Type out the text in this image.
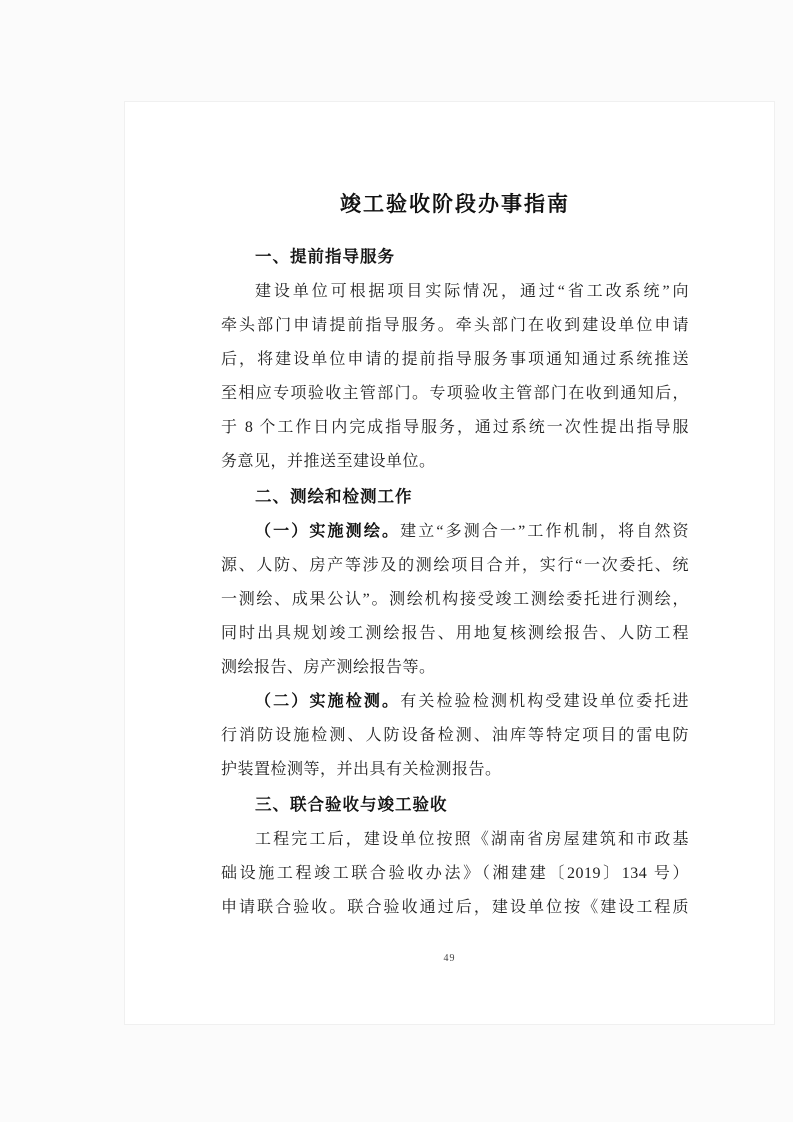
竣工验收阶段办事指南
一、提前指导服务

建设单位可根据项目实际情况，通过“省工改系统”向
牵头部门申请提前指导服务。牵头部门在收到建设单位申请
后，将建设单位申请的提前指导服务事项通知通过系统推送
至相应专项验收主管部门。专项验收主管部门在收到通知后，
于 8 个工作日内完成指导服务，通过系统一次性提出指导服
务意见，并推送至建设单位。

二、测绘和检测工作

（一）实施测绘。建立“多测合一”工作机制，将自然资
源、人防、房产等涉及的测绘项目合并，实行“一次委托、统
一测绘、成果公认”。测绘机构接受竣工测绘委托进行测绘，
同时出具规划竣工测绘报告、用地复核测绘报告、人防工程
测绘报告、房产测绘报告等。

（二）实施检测。有关检验检测机构受建设单位委托进
行消防设施检测、人防设备检测、油库等特定项目的雷电防
护装置检测等，并出具有关检测报告。

三、联合验收与竣工验收

工程完工后，建设单位按照《湖南省房屋建筑和市政基
础设施工程竣工联合验收办法》（湘建建〔2019〕134 号）
申请联合验收。联合验收通过后，建设单位按《建设工程质

49
